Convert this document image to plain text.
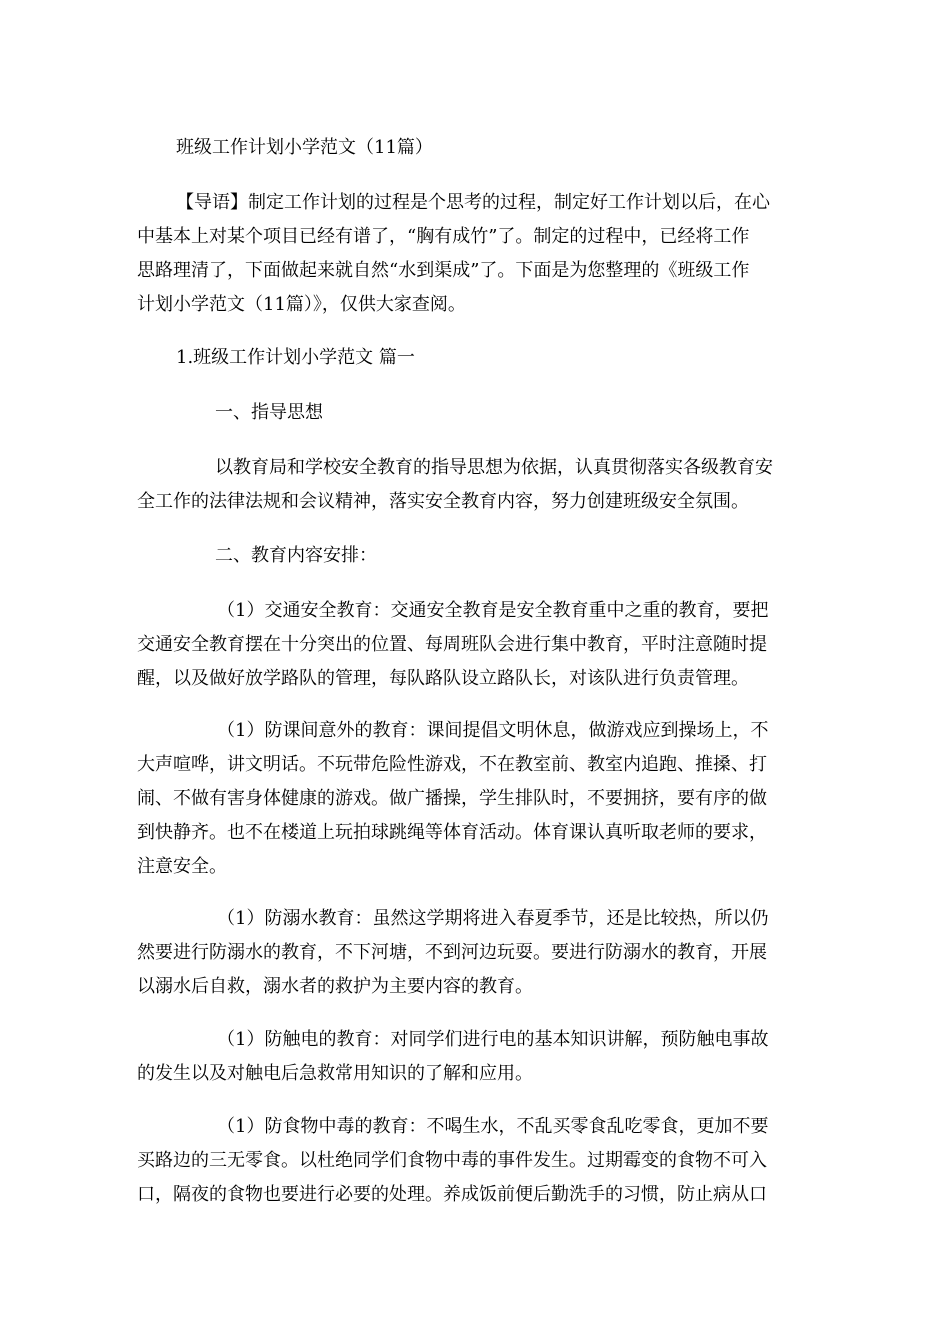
班级工作计划小学范文（11篇）
【导语】制定工作计划的过程是个思考的过程，制定好工作计划以后，在心
中基本上对某个项目已经有谱了，“胸有成竹”了。制定的过程中，已经将工作
思路理清了，下面做起来就自然“水到渠成”了。下面是为您整理的《班级工作
计划小学范文（11篇）》，仅供大家查阅。
1.班级工作计划小学范文 篇一
一、指导思想
以教育局和学校安全教育的指导思想为依据，认真贯彻落实各级教育安
全工作的法律法规和会议精神，落实安全教育内容，努力创建班级安全氛围。
二、教育内容安排：
（1）交通安全教育：交通安全教育是安全教育重中之重的教育，要把
交通安全教育摆在十分突出的位置、每周班队会进行集中教育，平时注意随时提
醒，以及做好放学路队的管理，每队路队设立路队长，对该队进行负责管理。
（1）防课间意外的教育：课间提倡文明休息，做游戏应到操场上，不
大声喧哗，讲文明话。不玩带危险性游戏，不在教室前、教室内追跑、推搡、打
闹、不做有害身体健康的游戏。做广播操，学生排队时，不要拥挤，要有序的做
到快静齐。也不在楼道上玩拍球跳绳等体育活动。体育课认真听取老师的要求，
注意安全。
（1）防溺水教育：虽然这学期将进入春夏季节，还是比较热，所以仍
然要进行防溺水的教育，不下河塘，不到河边玩耍。要进行防溺水的教育，开展
以溺水后自救，溺水者的救护为主要内容的教育。
（1）防触电的教育：对同学们进行电的基本知识讲解，预防触电事故
的发生以及对触电后急救常用知识的了解和应用。
（1）防食物中毒的教育：不喝生水，不乱买零食乱吃零食，更加不要
买路边的三无零食。以杜绝同学们食物中毒的事件发生。过期霉变的食物不可入
口，隔夜的食物也要进行必要的处理。养成饭前便后勤洗手的习惯，防止病从口
